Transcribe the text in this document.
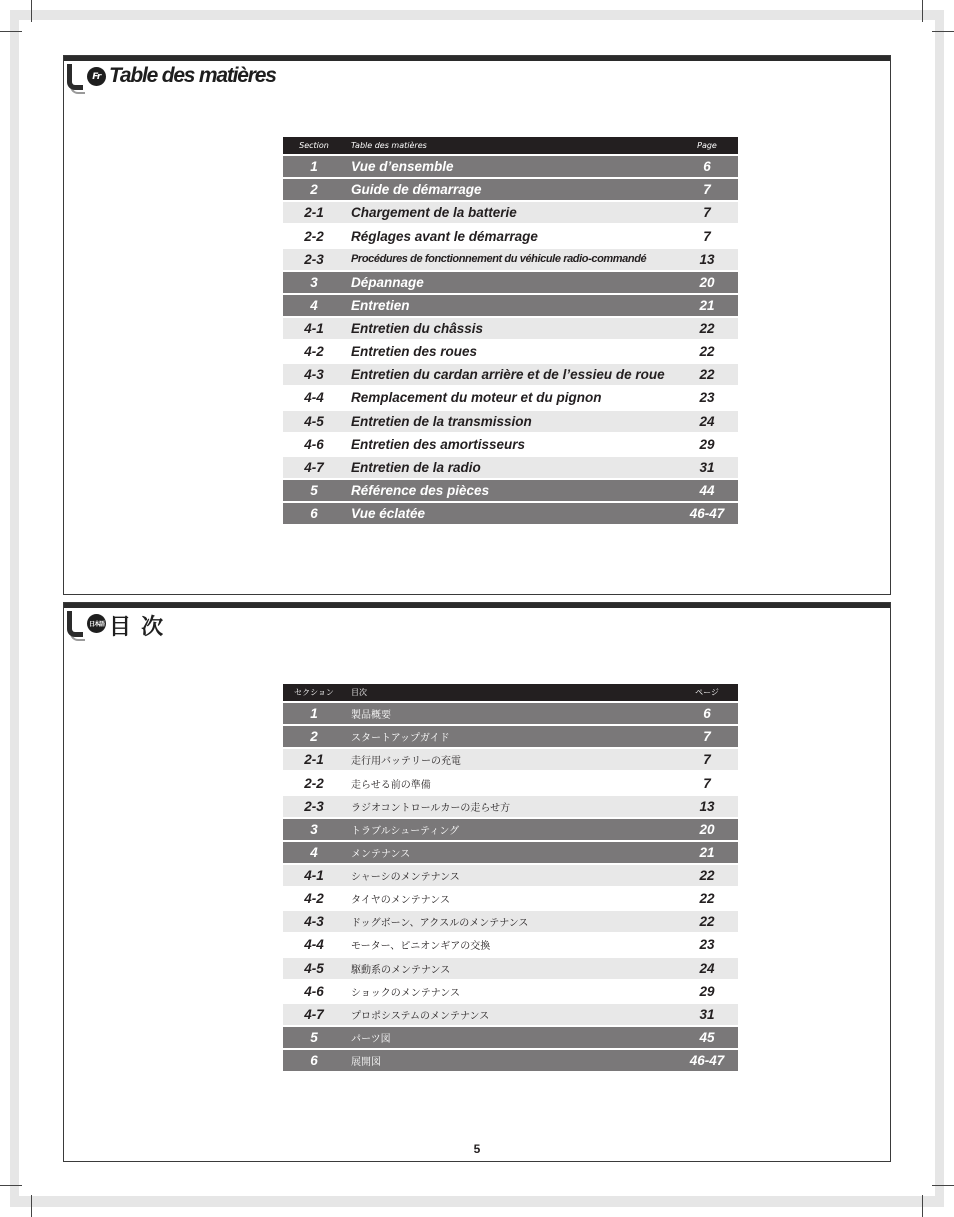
Fr Table des matières
Section	Table des matières	Page
1	Vue d’ensemble	6
2	Guide de démarrage	7
2-1	Chargement de la batterie	7
2-2	Réglages avant le démarrage	7
2-3	Procédures de fonctionnement du véhicule radio-commandé	13
3	Dépannage	20
4	Entretien	21
4-1	Entretien du châssis	22
4-2	Entretien des roues	22
4-3	Entretien du cardan arrière et de l’essieu de roue	22
4-4	Remplacement du moteur et du pignon	23
4-5	Entretien de la transmission	24
4-6	Entretien des amortisseurs	29
4-7	Entretien de la radio	31
5	Référence des pièces	44
6	Vue éclatée	46-47
日本語 目 次
セクション	目次	ページ
1	製品概要	6
2	スタートアップガイド	7
2-1	走行用バッテリーの充電	7
2-2	走らせる前の準備	7
2-3	ラジオコントロールカーの走らせ方	13
3	トラブルシューティング	20
4	メンテナンス	21
4-1	シャーシのメンテナンス	22
4-2	タイヤのメンテナンス	22
4-3	ドッグボーン、アクスルのメンテナンス	22
4-4	モーター、ピニオンギアの交換	23
4-5	駆動系のメンテナンス	24
4-6	ショックのメンテナンス	29
4-7	プロポシステムのメンテナンス	31
5	パーツ図	45
6	展開図	46-47
5
